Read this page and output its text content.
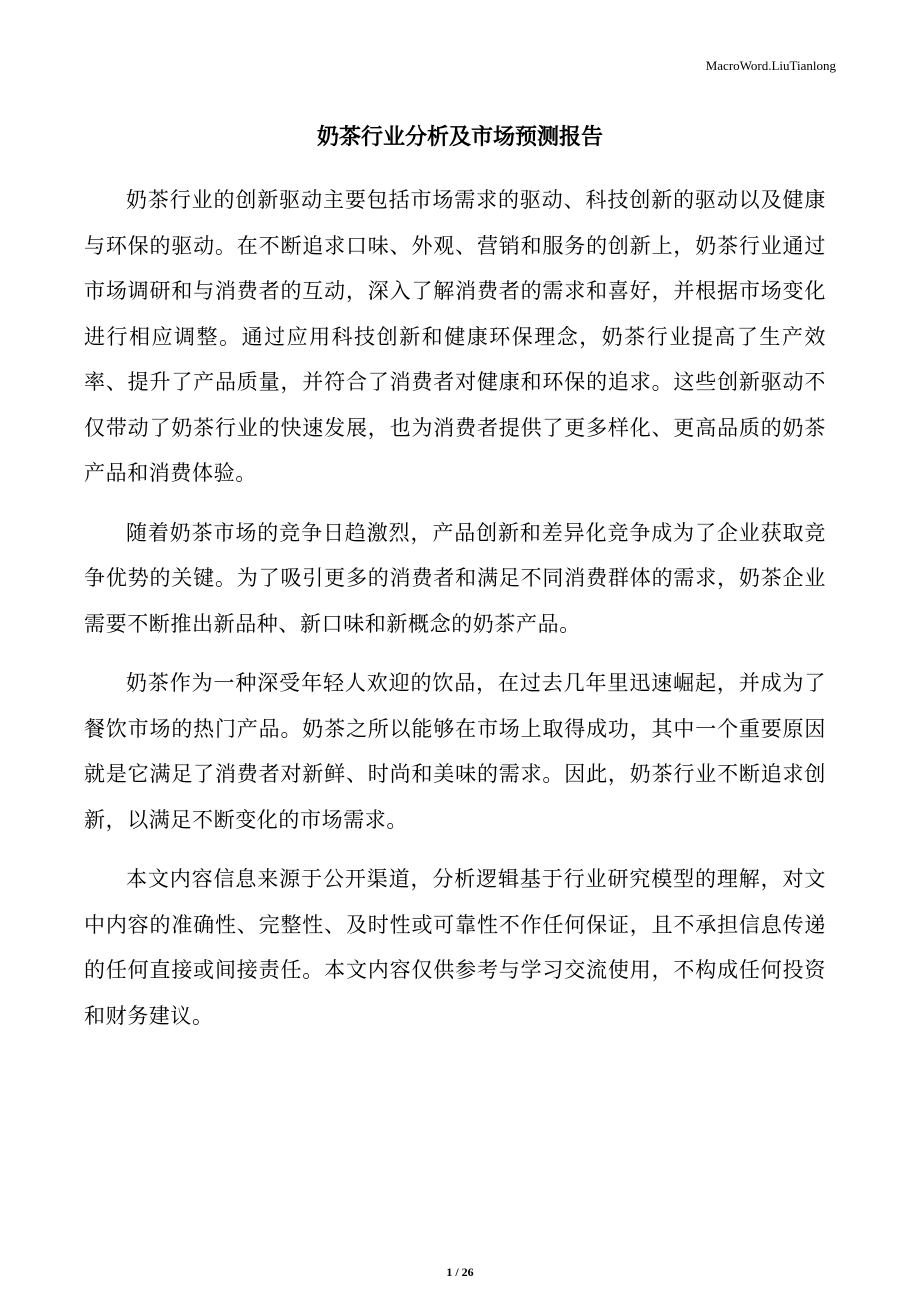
MacroWord.LiuTianlong
奶茶行业分析及市场预测报告

奶茶行业的创新驱动主要包括市场需求的驱动、科技创新的驱动以及健康与环保的驱动。在不断追求口味、外观、营销和服务的创新上，奶茶行业通过市场调研和与消费者的互动，深入了解消费者的需求和喜好，并根据市场变化进行相应调整。通过应用科技创新和健康环保理念，奶茶行业提高了生产效率、提升了产品质量，并符合了消费者对健康和环保的追求。这些创新驱动不仅带动了奶茶行业的快速发展，也为消费者提供了更多样化、更高品质的奶茶产品和消费体验。

随着奶茶市场的竞争日趋激烈，产品创新和差异化竞争成为了企业获取竞争优势的关键。为了吸引更多的消费者和满足不同消费群体的需求，奶茶企业需要不断推出新品种、新口味和新概念的奶茶产品。

奶茶作为一种深受年轻人欢迎的饮品，在过去几年里迅速崛起，并成为了餐饮市场的热门产品。奶茶之所以能够在市场上取得成功，其中一个重要原因就是它满足了消费者对新鲜、时尚和美味的需求。因此，奶茶行业不断追求创新，以满足不断变化的市场需求。

本文内容信息来源于公开渠道，分析逻辑基于行业研究模型的理解，对文中内容的准确性、完整性、及时性或可靠性不作任何保证，且不承担信息传递的任何直接或间接责任。本文内容仅供参考与学习交流使用，不构成任何投资和财务建议。

1 / 26
